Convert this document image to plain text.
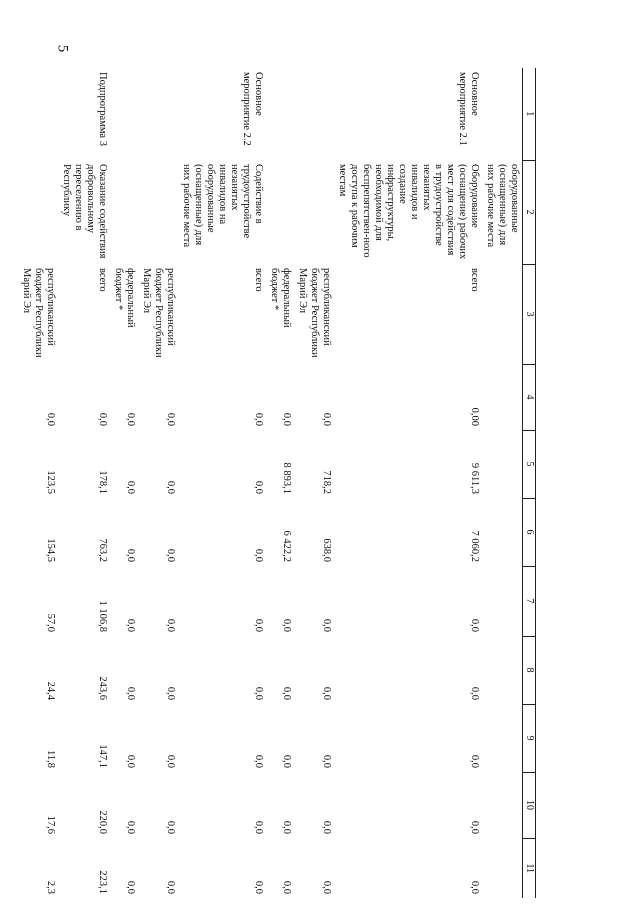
5
1	2	3	4	5	6	7	8	9	10	11
	оборудованные (оснащенные) для них рабочие места									
Основное мероприятие 2.1	Оборудование (оснащение) рабочих мест для содействия в трудоустройстве незанятых инвалидов и создание инфраструктуры, необходимой для беспрепятствен-ного доступа к рабочим местам	всего	0,00	9 611,3	7 060,2	0,0	0,0	0,0	0,0	0,0
		республиканский бюджет Республики Марий Эл	0,0	718,2	638,0	0,0	0,0	0,0	0,0	0,0
		федеральный бюджет *	0,0	8 893,1	6 422,2	0,0	0,0	0,0	0,0	0,0
Основное мероприятие 2.2	Содействие в трудоустройстве незанятых инвалидов на оборудованные (оснащенные) для них рабочие места	всего	0,0	0,0	0,0	0,0	0,0	0,0	0,0	0,0
		республиканский бюджет Республики Марий Эл	0,0	0,0	0,0	0,0	0,0	0,0	0,0	0,0
		федеральный бюджет *	0,0	0,0	0,0	0,0	0,0	0,0	0,0	0,0
Подпрограмма 3	Оказание содействия добровольному переселению в Республику	всего	0,0	178,1	763,2	1 106,8	243,6	147,1	220,0	223,1
		республиканский бюджет Республики Марий Эл	0,0	123,5	154,5	57,0	24,4	11,8	17,6	2,3
